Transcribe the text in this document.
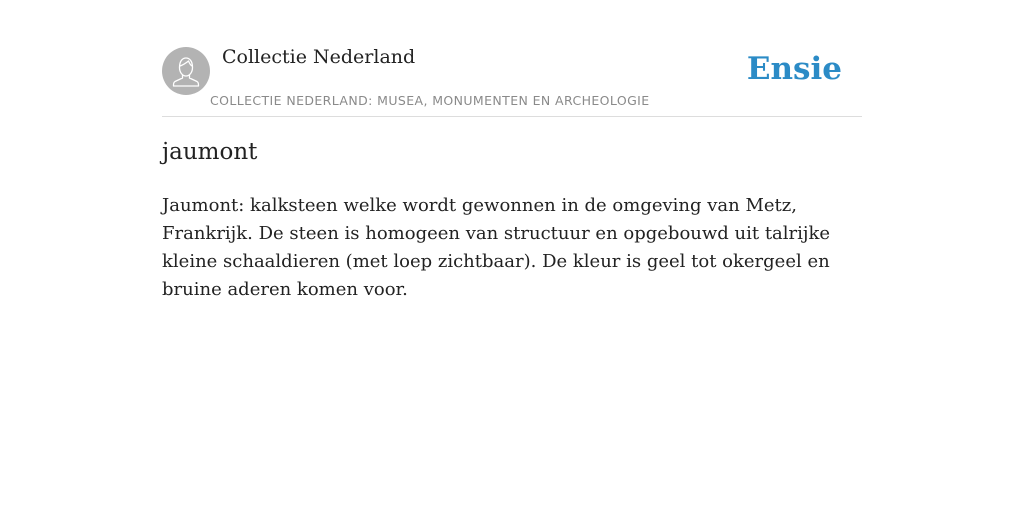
Collectie Nederland
COLLECTIE NEDERLAND: MUSEA, MONUMENTEN EN ARCHEOLOGIE
Ensie
jaumont

Jaumont: kalksteen welke wordt gewonnen in de omgeving van Metz, Frankrijk. De steen is homogeen van structuur en opgebouwd uit talrijke kleine schaaldieren (met loep zichtbaar). De kleur is geel tot okergeel en bruine aderen komen voor.
